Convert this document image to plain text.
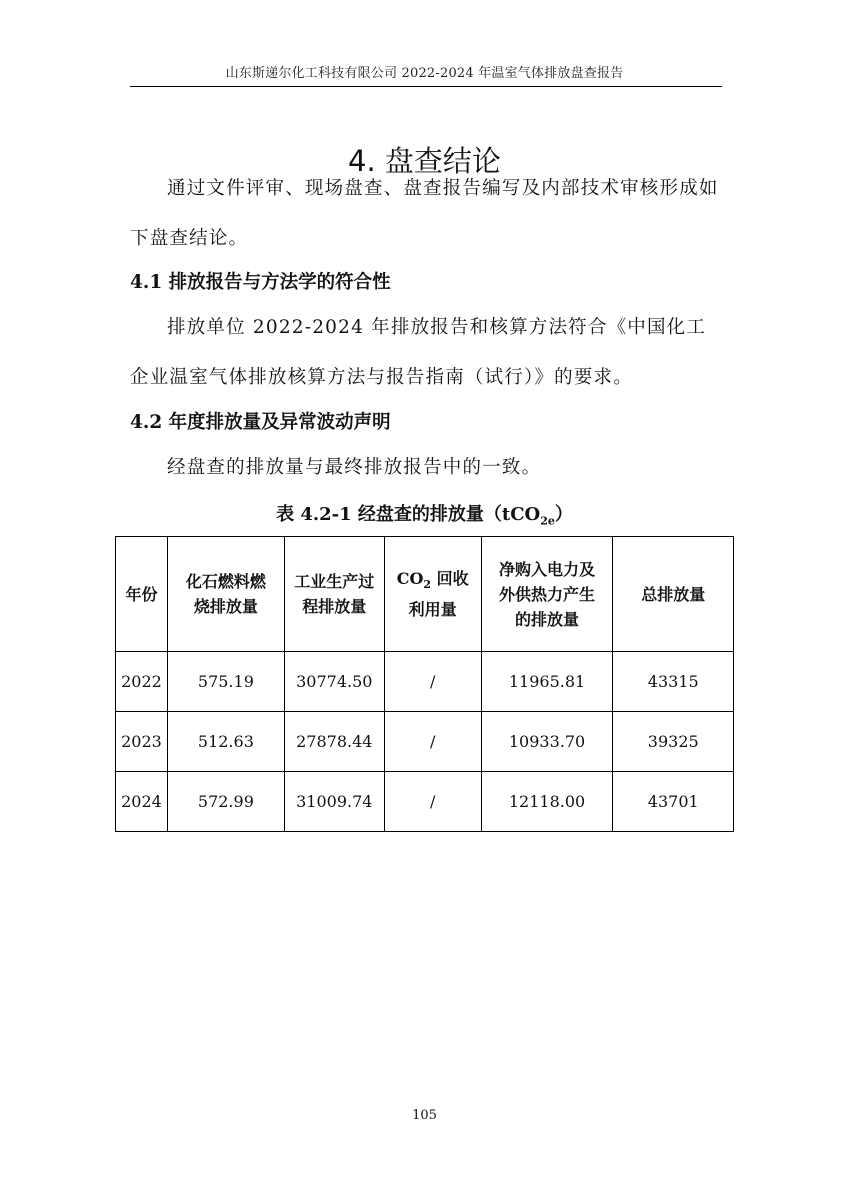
山东斯递尔化工科技有限公司 2022-2024 年温室气体排放盘查报告
4. 盘查结论

通过文件评审、现场盘查、盘查报告编写及内部技术审核形成如下盘查结论。

4.1 排放报告与方法学的符合性

排放单位 2022-2024 年排放报告和核算方法符合《中国化工企业温室气体排放核算方法与报告指南（试行）》的要求。

4.2 年度排放量及异常波动声明

经盘查的排放量与最终排放报告中的一致。

表 4.2-1 经盘查的排放量（tCO$_{2e}$）
年份	化石燃料燃烧排放量	工业生产过程排放量	$CO_2$ 回收利用量	净购入电力及外供热力产生的排放量	总排放量
2022	575.19	30774.50	/	11965.81	43315
2023	512.63	27878.44	/	10933.70	39325
2024	572.99	31009.74	/	12118.00	43701
105
